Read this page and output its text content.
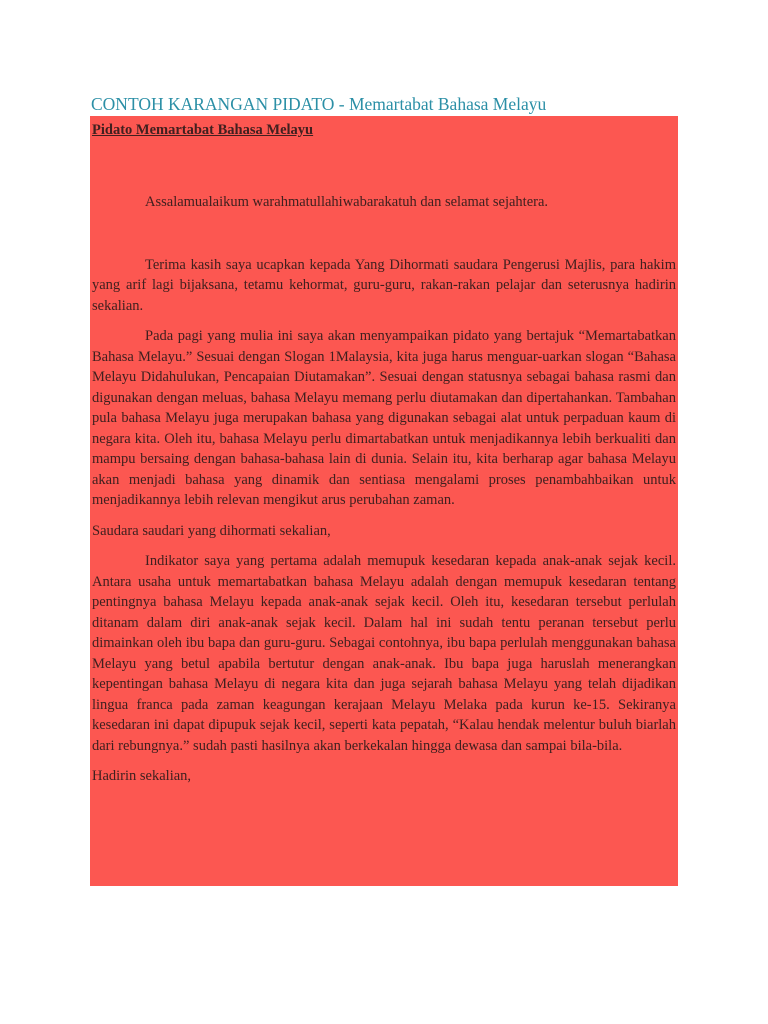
CONTOH KARANGAN PIDATO - Memartabat Bahasa Melayu
Pidato Memartabat Bahasa Melayu

Assalamualaikum warahmatullahiwabarakatuh dan selamat sejahtera.

Terima kasih saya ucapkan kepada Yang Dihormati saudara Pengerusi Majlis, para hakim yang arif lagi bijaksana, tetamu kehormat, guru-guru, rakan-rakan pelajar dan seterusnya hadirin sekalian.

Pada pagi yang mulia ini saya akan menyampaikan pidato yang bertajuk “Memartabatkan Bahasa Melayu.” Sesuai dengan Slogan 1Malaysia, kita juga harus menguar-uarkan slogan “Bahasa Melayu Didahulukan, Pencapaian Diutamakan”. Sesuai dengan statusnya sebagai bahasa rasmi dan digunakan dengan meluas, bahasa Melayu memang perlu diutamakan dan dipertahankan. Tambahan pula bahasa Melayu juga merupakan bahasa yang digunakan sebagai alat untuk perpaduan kaum di negara kita. Oleh itu, bahasa Melayu perlu dimartabatkan untuk menjadikannya lebih berkualiti dan mampu bersaing dengan bahasa-bahasa lain di dunia. Selain itu, kita berharap agar bahasa Melayu akan menjadi bahasa yang dinamik dan sentiasa mengalami proses penambahbaikan untuk menjadikannya lebih relevan mengikut arus perubahan zaman.

Saudara saudari yang dihormati sekalian,

Indikator saya yang pertama adalah memupuk kesedaran kepada anak-anak sejak kecil. Antara usaha untuk memartabatkan bahasa Melayu adalah dengan memupuk kesedaran tentang pentingnya bahasa Melayu kepada anak-anak sejak kecil. Oleh itu, kesedaran tersebut perlulah ditanam dalam diri anak-anak sejak kecil. Dalam hal ini sudah tentu peranan tersebut perlu dimainkan oleh ibu bapa dan guru-guru. Sebagai contohnya, ibu bapa perlulah menggunakan bahasa Melayu yang betul apabila bertutur dengan anak-anak. Ibu bapa juga haruslah menerangkan kepentingan bahasa Melayu di negara kita dan juga sejarah bahasa Melayu yang telah dijadikan lingua franca pada zaman keagungan kerajaan Melayu Melaka pada kurun ke-15. Sekiranya kesedaran ini dapat dipupuk sejak kecil, seperti kata pepatah, “Kalau hendak melentur buluh biarlah dari rebungnya.” sudah pasti hasilnya akan berkekalan hingga dewasa dan sampai bila-bila.

Hadirin sekalian,
